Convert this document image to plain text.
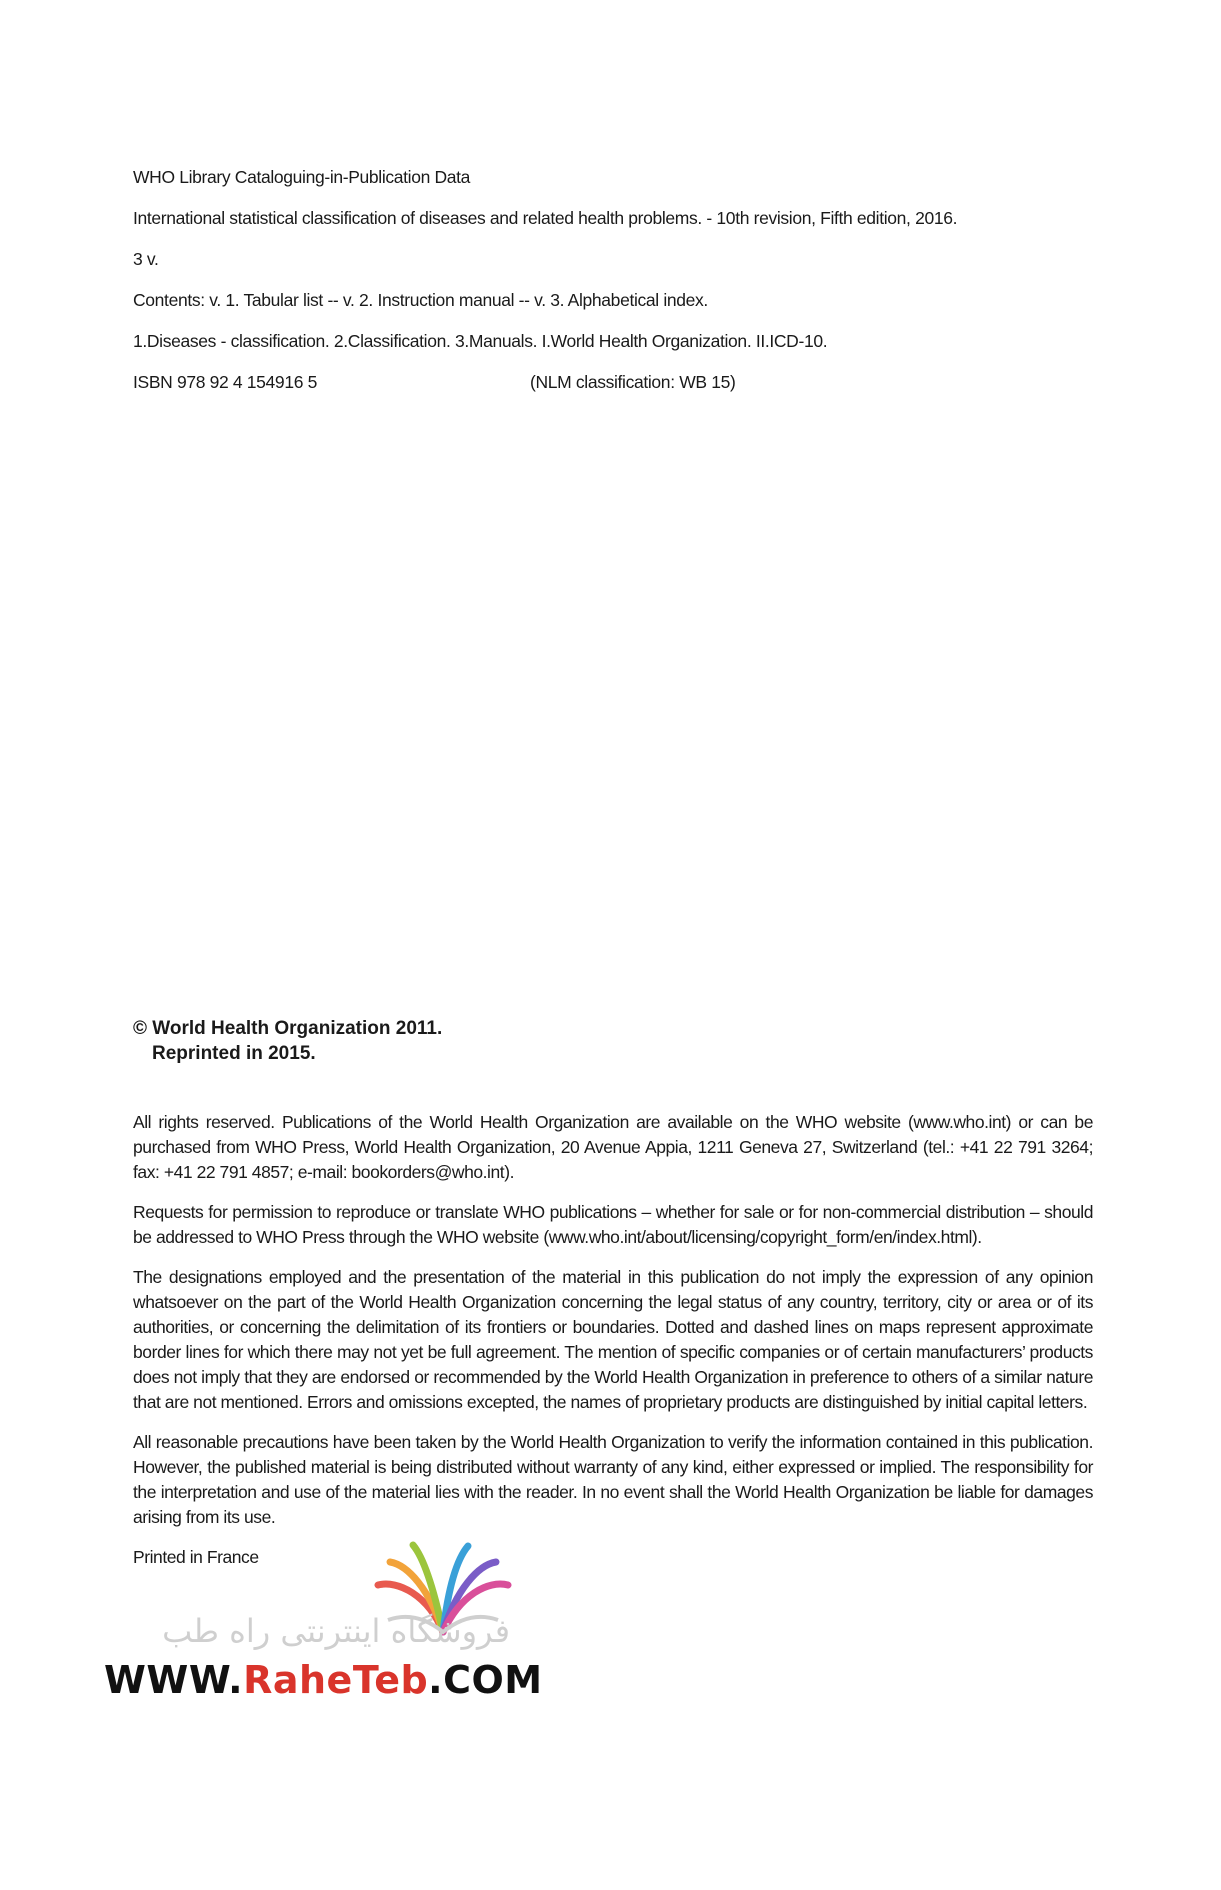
WHO Library Cataloguing-in-Publication Data

International statistical classification of diseases and related health problems. - 10th revision, Fifth edition, 2016.

3 v.

Contents: v. 1. Tabular list -- v. 2. Instruction manual -- v. 3. Alphabetical index.

1.Diseases - classification. 2.Classification. 3.Manuals. I.World Health Organization. II.ICD-10.

ISBN 978 92 4 154916 5	(NLM classification: WB 15)

© World Health Organization 2011.
Reprinted in 2015.

All rights reserved. Publications of the World Health Organization are available on the WHO website (www.who.int) or can be purchased from WHO Press, World Health Organization, 20 Avenue Appia, 1211 Geneva 27, Switzerland (tel.: +41 22 791 3264; fax: +41 22 791 4857; e-mail: bookorders@who.int).

Requests for permission to reproduce or translate WHO publications – whether for sale or for non-commercial distribution – should be addressed to WHO Press through the WHO website (www.who.int/about/licensing/copyright_form/en/index.html).

The designations employed and the presentation of the material in this publication do not imply the expression of any opinion whatsoever on the part of the World Health Organization concerning the legal status of any country, territory, city or area or of its authorities, or concerning the delimitation of its frontiers or boundaries. Dotted and dashed lines on maps represent approximate border lines for which there may not yet be full agreement. The mention of specific companies or of certain manufacturers’ products does not imply that they are endorsed or recommended by the World Health Organization in preference to others of a similar nature that are not mentioned. Errors and omissions excepted, the names of proprietary products are distinguished by initial capital letters.

All reasonable precautions have been taken by the World Health Organization to verify the information contained in this publication. However, the published material is being distributed without warranty of any kind, either expressed or implied. The responsibility for the interpretation and use of the material lies with the reader. In no event shall the World Health Organization be liable for damages arising from its use.

Printed in France

فروشگاه اینترنتی راه طب
WWW.RaheTeb.COM
